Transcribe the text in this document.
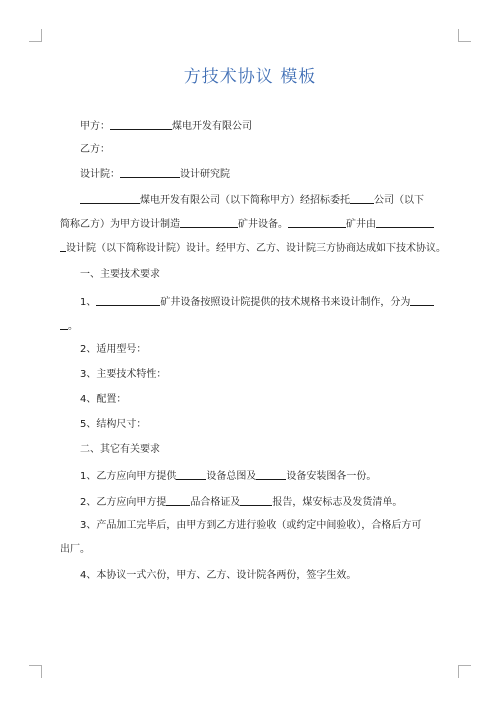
方技术协议 模板
甲方：	煤电开发有限公司
乙方：
设计院：	设计研究院
煤电开发有限公司（以下简称甲方）经招标委托 公司（以下
简称乙方）为甲方设计制造	矿井设备。	矿井由
设计院（以下简称设计院）设计。经甲方、乙方、设计院三方协商达成如下技术协议。
一、主要技术要求
1、	矿井设备按照设计院提供的技术规格书来设计制作，分为
。
2、适用型号：
3、主要技术特性：
4、配置：
5、结构尺寸：
二、其它有关要求
1、乙方应向甲方提供	设备总图及	设备安装图各一份。
2、乙方应向甲方提 品合格证及	报告，煤安标志及发货清单。
3、产品加工完毕后，由甲方到乙方进行验收（或约定中间验收），合格后方可
出厂。
4、本协议一式六份，甲方、乙方、设计院各两份，签字生效。
